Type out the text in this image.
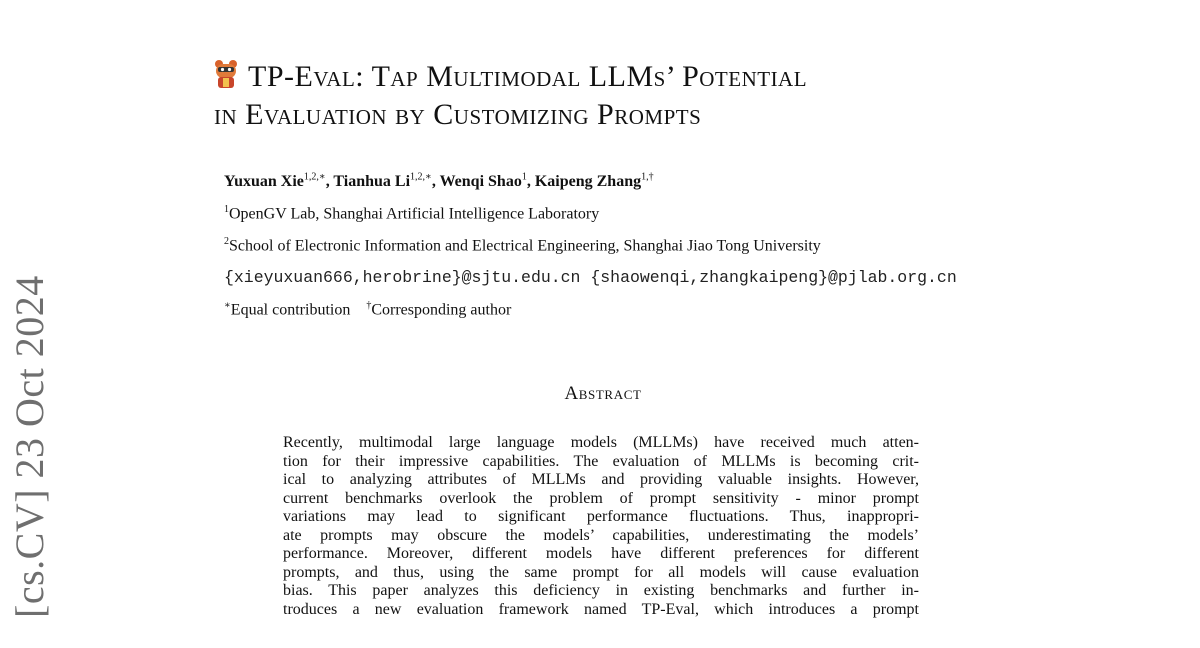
[cs.CV] 23 Oct 2024
TP-Eval: Tap Multimodal LLMs’ Potential
in Evaluation by Customizing Prompts
Yuxuan Xie$^{1,2,∗}$, Tianhua $Li^{1,2,∗}$, Wenqi Shao$^1$, Kaipeng Zhang$^{1,\dagger}$
$^1$OpenGV Lab, Shanghai Artificial Intelligence Laboratory
$^2$School of Electronic Information and Electrical Engineering, Shanghai Jiao Tong University
{xieyuxuan666,herobrine}@sjtu.edu.cn {shaowenqi,zhangkaipeng}@pjlab.org.cn
∗Equal contribution †Corresponding author
Abstract
Recently, multimodal large language models (MLLMs) have received much atten-
tion for their impressive capabilities. The evaluation of MLLMs is becoming crit-
ical to analyzing attributes of MLLMs and providing valuable insights. However,
current benchmarks overlook the problem of prompt sensitivity - minor prompt
variations may lead to significant performance fluctuations. Thus, inappropri-
ate prompts may obscure the models’ capabilities, underestimating the models’
performance. Moreover, different models have different preferences for different
prompts, and thus, using the same prompt for all models will cause evaluation
bias. This paper analyzes this deficiency in existing benchmarks and further in-
troduces a new evaluation framework named TP-Eval, which introduces a prompt
